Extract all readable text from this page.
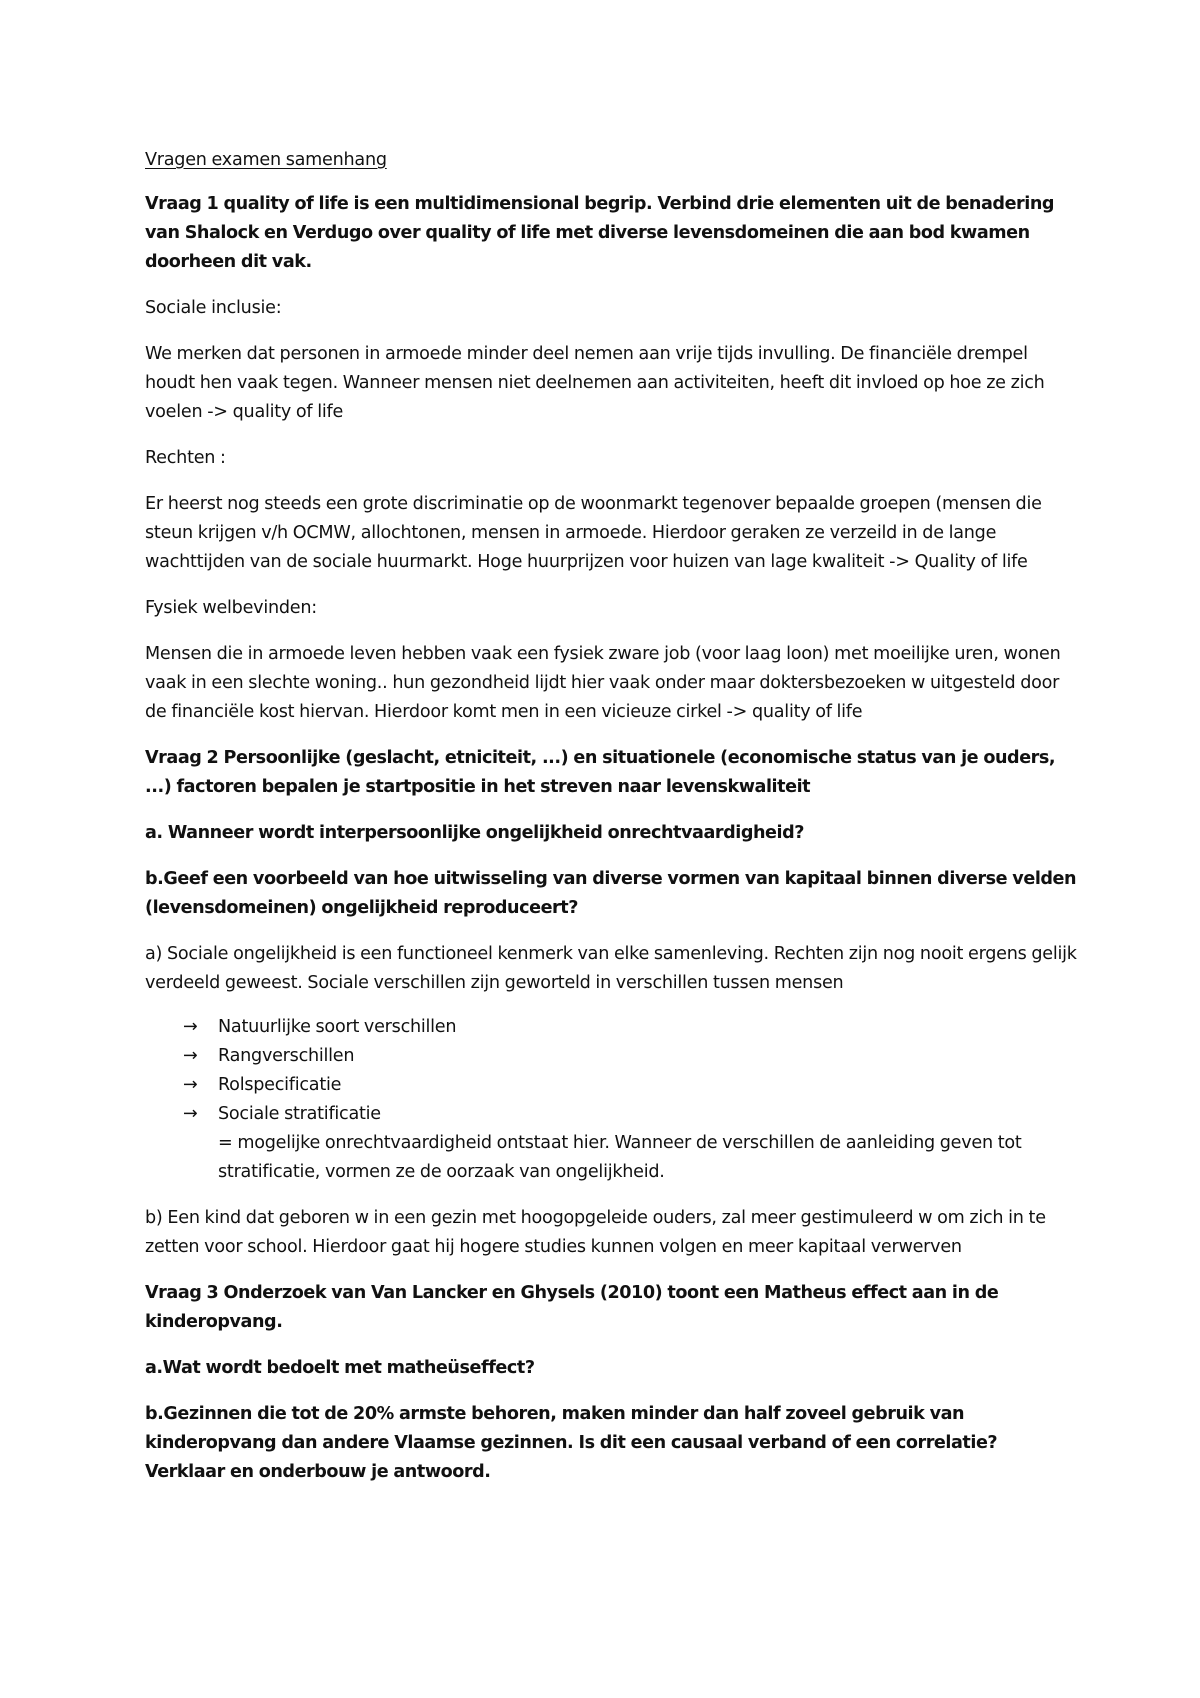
Vragen examen samenhang

Vraag 1 quality of life is een multidimensional begrip. Verbind drie elementen uit de benadering van Shalock en Verdugo over quality of life met diverse levensdomeinen die aan bod kwamen doorheen dit vak.

Sociale inclusie:

We merken dat personen in armoede minder deel nemen aan vrije tijds invulling. De financiële drempel houdt hen vaak tegen. Wanneer mensen niet deelnemen aan activiteiten, heeft dit invloed op hoe ze zich voelen -> quality of life

Rechten :

Er heerst nog steeds een grote discriminatie op de woonmarkt tegenover bepaalde groepen (mensen die steun krijgen v/h OCMW, allochtonen, mensen in armoede. Hierdoor geraken ze verzeild in de lange wachttijden van de sociale huurmarkt. Hoge huurprijzen voor huizen van lage kwaliteit -> Quality of life

Fysiek welbevinden:

Mensen die in armoede leven hebben vaak een fysiek zware job (voor laag loon) met moeilijke uren, wonen vaak in een slechte woning.. hun gezondheid lijdt hier vaak onder maar doktersbezoeken w uitgesteld door de financiële kost hiervan. Hierdoor komt men in een vicieuze cirkel -> quality of life

Vraag 2 Persoonlijke (geslacht, etniciteit, ...) en situationele (economische status van je ouders, ...) factoren bepalen je startpositie in het streven naar levenskwaliteit

a. Wanneer wordt interpersoonlijke ongelijkheid onrechtvaardigheid?

b.Geef een voorbeeld van hoe uitwisseling van diverse vormen van kapitaal binnen diverse velden (levensdomeinen) ongelijkheid reproduceert?

a) Sociale ongelijkheid is een functioneel kenmerk van elke samenleving. Rechten zijn nog nooit ergens gelijk verdeeld geweest. Sociale verschillen zijn geworteld in verschillen tussen mensen

→	Natuurlijke soort verschillen
→	Rangverschillen
→	Rolspecificatie
→	Sociale stratificatie
= mogelijke onrechtvaardigheid ontstaat hier. Wanneer de verschillen de aanleiding geven tot stratificatie, vormen ze de oorzaak van ongelijkheid.

b) Een kind dat geboren w in een gezin met hoogopgeleide ouders, zal meer gestimuleerd w om zich in te zetten voor school. Hierdoor gaat hij hogere studies kunnen volgen en meer kapitaal verwerven

Vraag 3 Onderzoek van Van Lancker en Ghysels (2010) toont een Matheus effect aan in de kinderopvang.

a.Wat wordt bedoelt met matheüseffect?

b.Gezinnen die tot de 20% armste behoren, maken minder dan half zoveel gebruik van kinderopvang dan andere Vlaamse gezinnen. Is dit een causaal verband of een correlatie? Verklaar en onderbouw je antwoord.
